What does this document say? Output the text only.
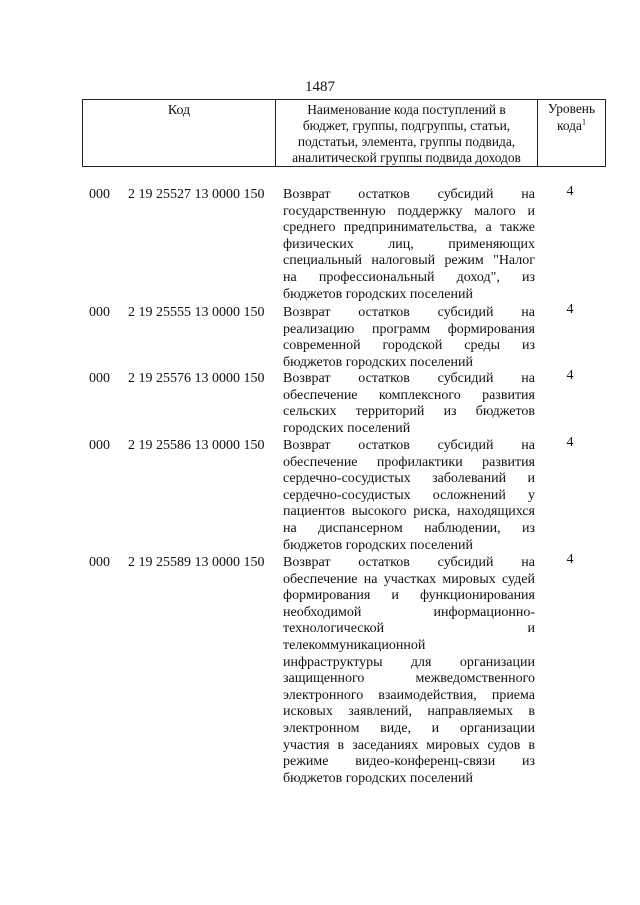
1487
Код	Наименование кода поступлений в
бюджет, группы, подгруппы, статьи,
подстатьи, элемента, группы подвида,
аналитической группы подвида доходов
Уровень
кода$^1$
000 2 19 25527 13 0000 150 Возврат остатков субсидий на
государственную поддержку малого и
среднего предпринимательства, а также
физических лиц, применяющих
специальный налоговый режим "Налог
на профессиональный доход", из
бюджетов городских поселений
4
000 2 19 25555 13 0000 150 Возврат остатков субсидий на
реализацию программ формирования
современной городской среды из
бюджетов городских поселений
4
000 2 19 25576 13 0000 150 Возврат остатков субсидий на
обеспечение комплексного развития
сельских территорий из бюджетов
городских поселений
4
000 2 19 25586 13 0000 150 Возврат остатков субсидий на
обеспечение профилактики развития
сердечно-сосудистых заболеваний и
сердечно-сосудистых осложнений у
пациентов высокого риска, находящихся
на диспансерном наблюдении, из
бюджетов городских поселений
4
000 2 19 25589 13 0000 150 Возврат остатков субсидий на
обеспечение на участках мировых судей
формирования и функционирования
необходимой информационно-
технологической и
телекоммуникационной
инфраструктуры для организации
защищенного межведомственного
электронного взаимодействия, приема
исковых заявлений, направляемых в
электронном виде, и организации
участия в заседаниях мировых судов в
режиме видео-конференц-связи из
бюджетов городских поселений
4
